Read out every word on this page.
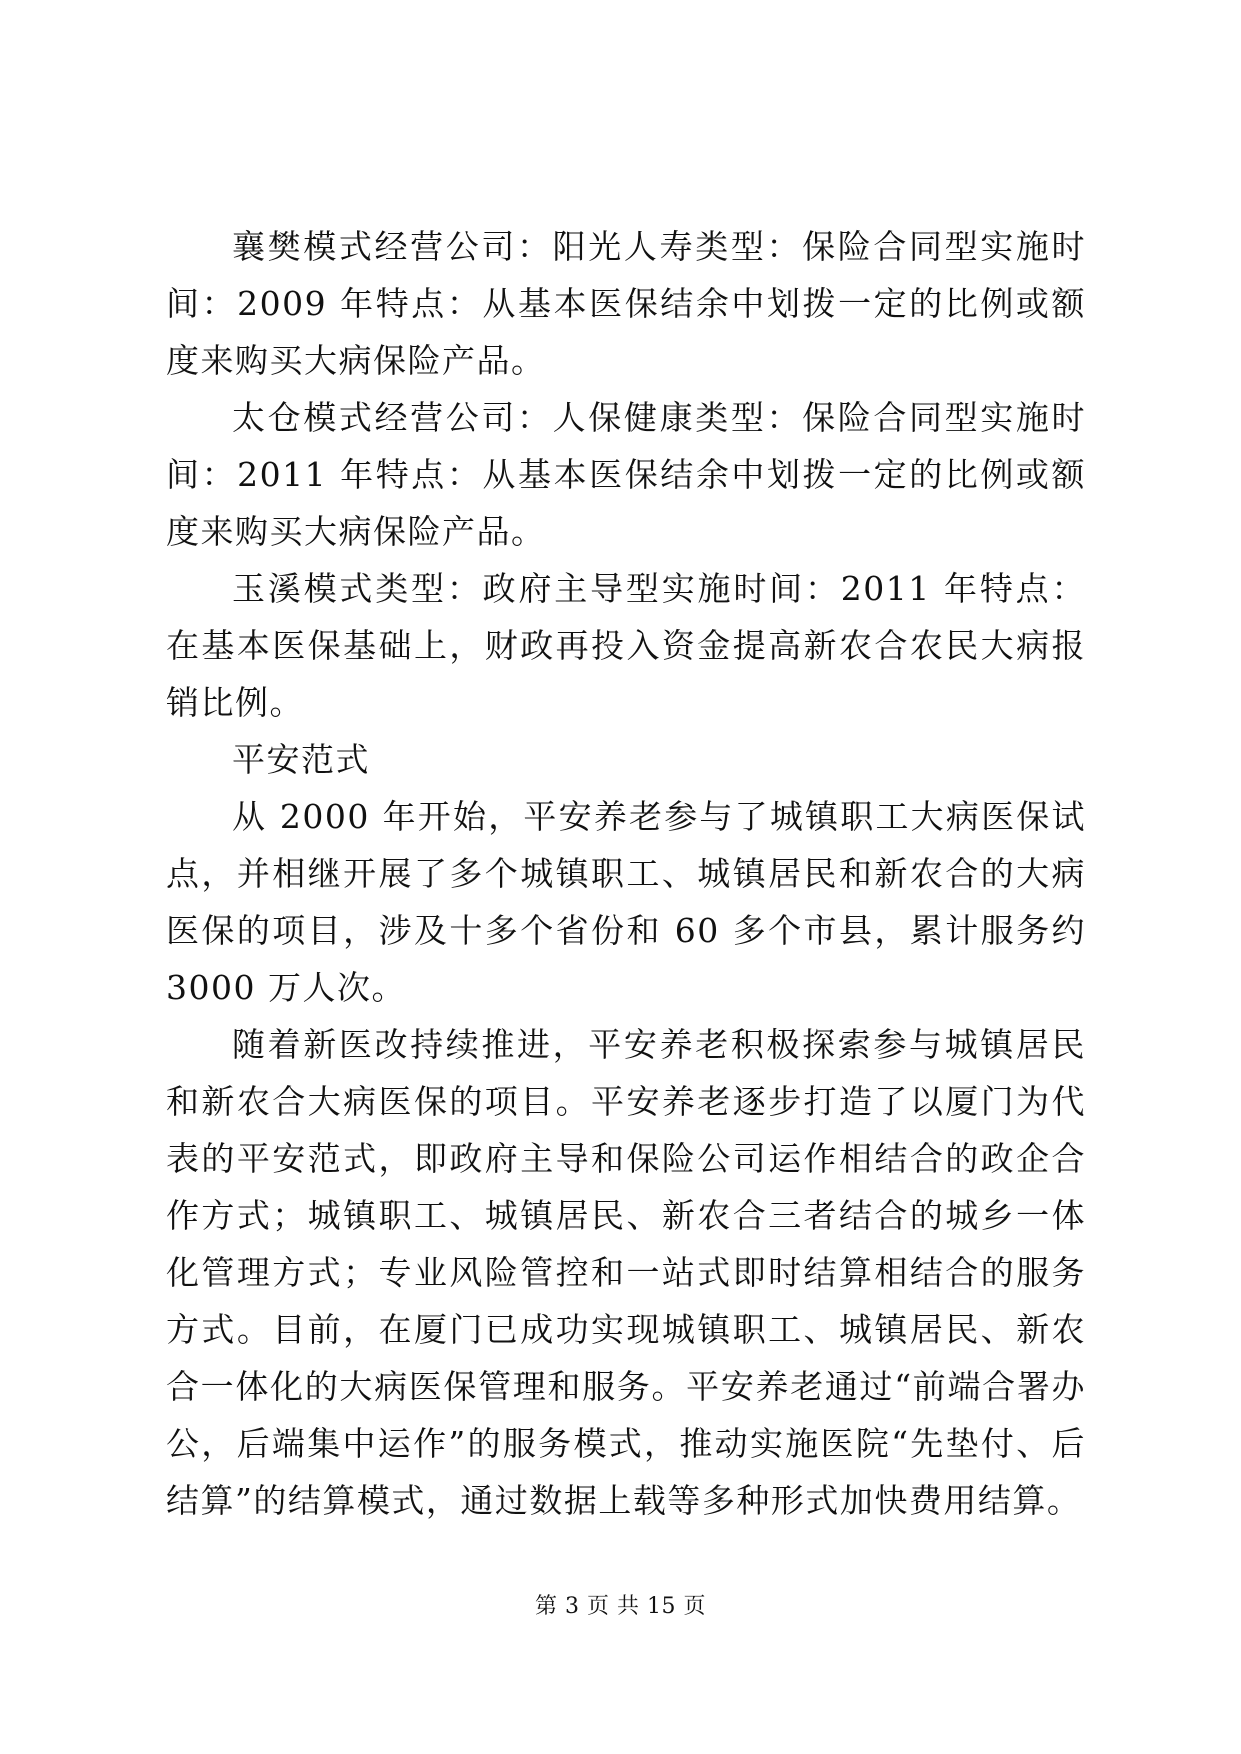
襄樊模式经营公司：阳光人寿类型：保险合同型实施时间：2009 年特点：从基本医保结余中划拨一定的比例或额度来购买大病保险产品。

太仓模式经营公司：人保健康类型：保险合同型实施时间：2011 年特点：从基本医保结余中划拨一定的比例或额度来购买大病保险产品。

玉溪模式类型：政府主导型实施时间：2011 年特点：在基本医保基础上，财政再投入资金提高新农合农民大病报销比例。

平安范式

从 2000 年开始，平安养老参与了城镇职工大病医保试点，并相继开展了多个城镇职工、城镇居民和新农合的大病医保的项目，涉及十多个省份和 60 多个市县，累计服务约 3000 万人次。

随着新医改持续推进，平安养老积极探索参与城镇居民和新农合大病医保的项目。平安养老逐步打造了以厦门为代表的平安范式，即政府主导和保险公司运作相结合的政企合作方式；城镇职工、城镇居民、新农合三者结合的城乡一体化管理方式；专业风险管控和一站式即时结算相结合的服务方式。目前，在厦门已成功实现城镇职工、城镇居民、新农合一体化的大病医保管理和服务。平安养老通过“前端合署办公，后端集中运作”的服务模式，推动实施医院“先垫付、后结算”的结算模式，通过数据上载等多种形式加快费用结算。

第 3 页 共 15 页
